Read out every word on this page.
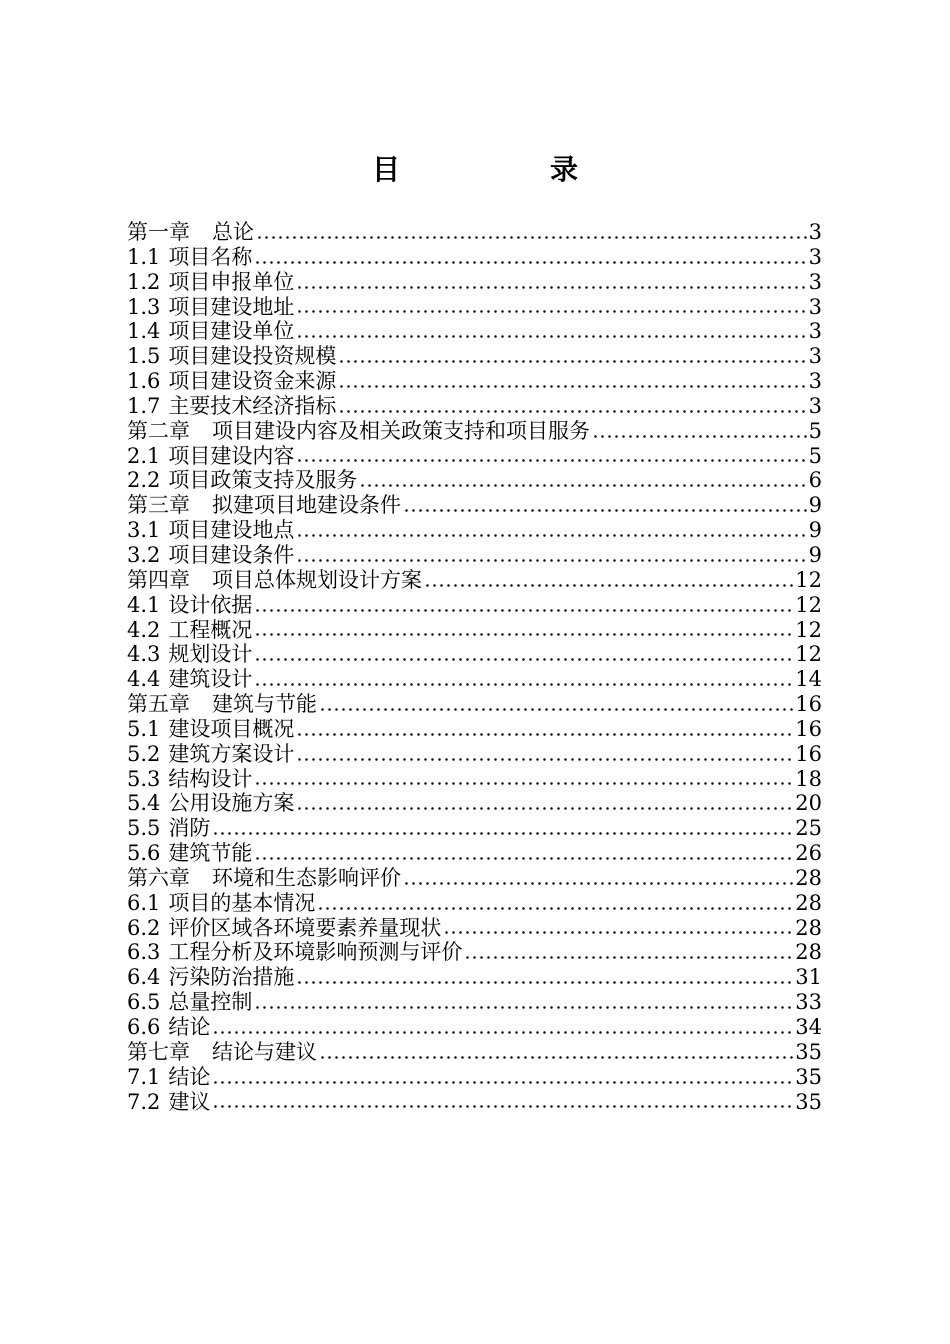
目	录
第一章 总论	3
1.1 项目名称	3
1.2 项目申报单位	3
1.3 项目建设地址	3
1.4 项目建设单位	3
1.5 项目建设投资规模	3
1.6 项目建设资金来源	3
1.7 主要技术经济指标	3
第二章 项目建设内容及相关政策支持和项目服务	5
2.1 项目建设内容	5
2.2 项目政策支持及服务	6
第三章 拟建项目地建设条件	9
3.1 项目建设地点	9
3.2 项目建设条件	9
第四章 项目总体规划设计方案	12
4.1 设计依据	12
4.2 工程概况	12
4.3 规划设计	12
4.4 建筑设计	14
第五章 建筑与节能	16
5.1 建设项目概况	16
5.2 建筑方案设计	16
5.3 结构设计	18
5.4 公用设施方案	20
5.5 消防	25
5.6 建筑节能	26
第六章 环境和生态影响评价	28
6.1 项目的基本情况	28
6.2 评价区域各环境要素养量现状	28
6.3 工程分析及环境影响预测与评价	28
6.4 污染防治措施	31
6.5 总量控制	33
6.6 结论	34
第七章 结论与建议	35
7.1 结论	35
7.2 建议	35
